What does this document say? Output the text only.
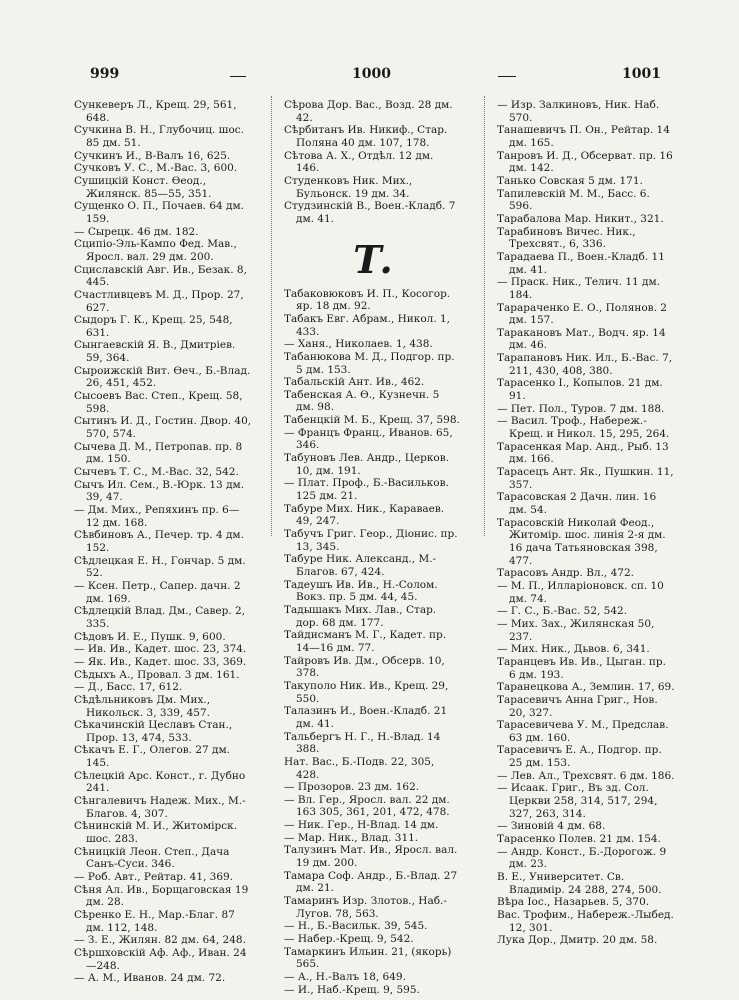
999	1000	1001
Сункевеpъ Л., Крещ. 29, 561, 648.
Сучкина В. Н., Глубочиц. шос. 85 дм. 51.
Сучкинъ И., В-Валъ 16, 625.
Сучковъ У. С., М.-Вас. 3, 600.
Сушицкій Конст. Өеод., Жилянск. 85—55, 351.
Сущенко О. П., Почаев. 64 дм. 159.
— Сырецк. 46 дм. 182.
Сципіо-Эль-Кампо Фед. Мав., Яросл. вал. 29 дм. 200.
Сциславскій Авг. Ив., Безак. 8, 445.
Счастливцевъ М. Д., Прор. 27, 627.
Сыдоръ Г. К., Крещ. 25, 548, 631.
Сынгаевскій Я. В., Дмитріев. 59, 364.
Сыроижскій Вит. Өеч., Б.-Влад. 26, 451, 452.
Сысоевъ Вас. Степ., Крещ. 58, 598.
Сытинъ И. Д., Гостин. Двор. 40, 570, 574.
Сычева Д. М., Петропав. пр. 8 дм. 150.
Сычевъ Т. С., М.-Вас. 32, 542.
Сычъ Ил. Сем., В.-Юрк. 13 дм. 39, 47.
— Дм. Мих., Репяхинъ пр. 6—12 дм. 168.
Сѣвбиновъ А., Печер. тр. 4 дм. 152.
Сѣдлецкая Е. Н., Гончар. 5 дм. 52.
— Ксен. Петр., Сапер. дачн. 2 дм. 169.
Сѣдлецкій Влад. Дм., Савер. 2, 335.
Сѣдовъ И. Е., Пушк. 9, 600.
— Ив. Ив., Кадет. шос. 23, 374.
— Як. Ив., Кадет. шос. 33, 369.
Сѣдыхъ А., Провал. 3 дм. 161.
— Д., Басс. 17, 612.
Сѣдѣльниковъ Дм. Мих., Никольск. 3, 339, 457.
Сѣкачинскій Цеславъ Стан., Прор. 13, 474, 533.
Сѣкачъ Е. Г., Олегов. 27 дм. 145.
Сѣлецкій Арс. Конст., г. Дубно 241.
Сѣнгалевичъ Надеж. Мих., М.-Благов. 4, 307.
Сѣнинскій М. И., Житомірск. шос. 283.
Сѣницкій Леон. Степ., Дача Санъ-Суси. 346.
— Роб. Авт., Рейтар. 41, 369.
Сѣня Ал. Ив., Борщаговская 19 дм. 28.
Сѣренко Е. Н., Мар.-Благ. 87 дм. 112, 148.
— З. Е., Жилян. 82 дм. 64, 248.
Сѣршховскій Аф. Аф., Иван. 24—248.
— А. М., Иванов. 24 дм. 72.
Сѣрова Дор. Вас., Возд. 28 дм. 42.
Сѣрбитанъ Ив. Никиф., Стар. Полянa 40 дм. 107, 178.
Сѣтова А. Х., Отдѣл. 12 дм. 146.
Студенковъ Ник. Мих., Бульонск. 19 дм. 34.
Студзинскій В., Воен.-Кладб. 7 дм. 41.
Т.
Табаковюковъ И. П., Косогор. яр. 18 дм. 92.
Табакъ Евг. Абрам., Никол. 1, 433.
— Ханя., Николаев. 1, 438.
Табанюкова М. Д., Подгор. пр. 5 дм. 153.
Табальскій Ант. Ив., 462.
Табенская А. Ө., Кузнечн. 5 дм. 98.
Табенцкій М. Б., Крещ. 37, 598.
— Францъ Франц., Иванов. 65, 346.
Табуновъ Лев. Андр., Церков. 10, дм. 191.
— Плат. Проф., Б.-Васильков. 125 дм. 21.
Табуре Мих. Ник., Караваев. 49, 247.
Табучъ Григ. Геор., Діонис. пр. 13, 345.
Табуре Ник. Александ., М.-Благов. 67, 424.
Тадеушъ Ив. Ив., Н.-Солом. Вокз. пр. 5 дм. 44, 45.
Тадышакъ Мих. Лав., Стар. дор. 68 дм. 177.
Тайдисманъ М. Г., Кадет. пр. 14—16 дм. 77.
Тайровъ Ив. Дм., Обсерв. 10, 378.
Такуполо Ник. Ив., Крещ. 29, 550.
Талазинъ И., Воен.-Кладб. 21 дм. 41.
Тальбергъ Н. Г., Н.-Влад. 14 388.
Нат. Вас., Б.-Подв. 22, 305, 428.
— Прозоров. 23 дм. 162.
— Вл. Гер., Яросл. вал. 22 дм. 163 305, 361, 201, 472, 478.
— Ник. Гер., Н-Влад. 14 дм.
— Мар. Ник., Влад. 311.
Талузинъ Мат. Ив., Яросл. вал. 19 дм. 200.
Тамара Соф. Андр., Б.-Влад. 27 дм. 21.
Тамаринъ Изр. Злотов., Наб.-Лугов. 78, 563.
— Н., Б.-Васильк. 39, 545.
— Набер.-Крещ. 9, 542.
Тамаркинъ Ильин. 21, (якорь) 565.
— А., Н.-Валъ 18, 649.
— И., Наб.-Крещ. 9, 595.
— Изр. Залкиновъ, Ник. Наб. 570.
Танашевичъ П. Он., Рейтар. 14 дм. 165.
Танровъ И. Д., Обсерват. пр. 16 дм. 142.
Танько Совская 5 дм. 171.
Тапилевскій М. М., Басс. 6. 596.
Тарабалова Мар. Никит., 321.
Тарабиновъ Вичес. Ник., Трехсвят., 6, 336.
Тарадаева П., Воен.-Кладб. 11 дм. 41.
— Праск. Ник., Телич. 11 дм. 184.
Тарараченко Е. О., Полянов. 2 дм. 157.
Таракановъ Мат., Водч. яр. 14 дм. 46.
Тарапановъ Ник. Ил., Б.-Вас. 7, 211, 430, 408, 380.
Тарасенко I., Копылов. 21 дм. 91.
— Пет. Пол., Туров. 7 дм. 188.
— Васил. Троф., Набереж.-Крещ. и Никол. 15, 295, 264.
Тарасенкая Мар. Анд., Рыб. 13 дм. 166.
Тарасецъ Ант. Як., Пушкин. 11, 357.
Тарасовская 2 Дачн. лин. 16 дм. 54.
Тарасовскій Николай Феод., Житомір. шос. линія 2-я дм. 16 дача Татьяновская 398, 477.
Тарасовъ Андр. Вл., 472.
— М. П., Илларіоновск. сп. 10 дм. 74.
— Г. С., Б.-Вас. 52, 542.
— Мих. Зах., Жилянская 50, 237.
— Мих. Ник., Дьвов. 6, 341.
Таранцевъ Ив. Ив., Цыган. пр. 6 дм. 193.
Таранецкова А., Землин. 17, 69.
Тарасевичъ Анна Григ., Нов. 20, 327.
Тарасевичева У. М., Предслав. 63 дм. 160.
Тарасевичъ Е. А., Подгор. пр. 25 дм. 153.
— Лев. Ал., Трехсвят. 6 дм. 186.
— Исаак. Григ., Въ зд. Сол. Церкви 258, 314, 517, 294, 327, 263, 314.
— Зиновій 4 дм. 68.
Тарасенко Полев. 21 дм. 154.
— Андр. Конст., Б.-Дорогож. 9 дм. 23.
В. Е., Университет. Св. Владимір. 24 288, 274, 500.
Вѣра Іос., Назарьев. 5, 370.
Вас. Трофим., Набереж.-Лыбед. 12, 301.
Лука Дор., Дмитр. 20 дм. 58.
